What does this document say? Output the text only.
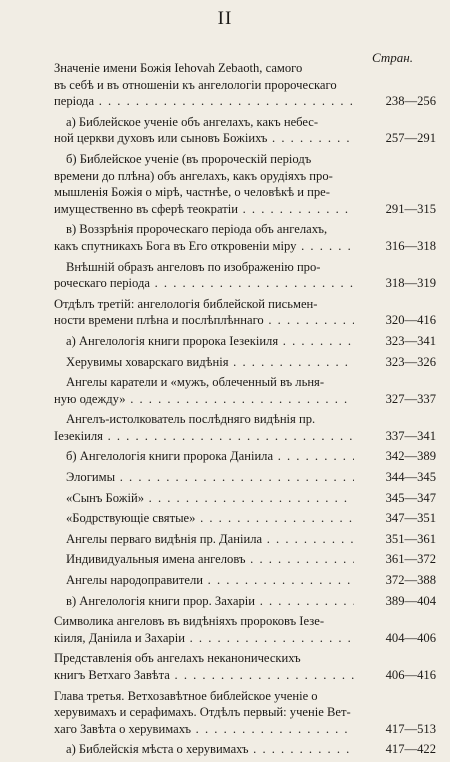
II
Стран.
Значеніе имени Божія Iehovah Zebaoth, самого
въ себѣ и въ отношеніи къ ангелологіи пророческаго
періода . . .	238—256
а) Библейское ученіе объ ангелахъ, какъ небес-
ной церкви духовъ или сыновъ Божіихъ . . .	257—291
б) Библейское ученіе (въ пророческій періодъ
времени до плѣна) объ ангелахъ, какъ орудіяхъ про-
мышленія Божія о мірѣ, частнѣе, о человѣкѣ и пре-
имущественно въ сферѣ теократіи . . .	291—315
в) Воззрѣнія пророческаго періода объ ангелахъ,
какъ спутникахъ Бога въ Его откровеніи міру . . .	316—318
Внѣшній образъ ангеловъ по изображенію про-
роческаго періода . . .	318—319
Отдѣлъ третій: ангелологія библейской письмен-
ности времени плѣна и послѣплѣннаго . . .	320—416
а) Ангелологія книги пророка Іезекіиля . . .	323—341
Херувимы ховарскаго видѣнія . . .	323—326
Ангелы каратели и «мужъ, облеченный въ льня-
ную одежду» . . .	327—337
Ангелъ-истолкователь послѣдняго видѣнія пр.
Іезекіиля . . .	337—341
б) Ангелологія книги пророка Даніила . . .	342—389
Элогимы . . .	344—345
«Сынъ Божій» . . .	345—347
«Бодрствующіе святые» . . .	347—351
Ангелы перваго видѣнія пр. Даніила . . .	351—361
Индивидуальныя имена ангеловъ . . .	361—372
Ангелы народоправители . . .	372—388
в) Ангелологія книги прор. Захаріи . . .	389—404
Символика ангеловъ въ видѣніяхъ пророковъ Іезе-
кіиля, Даніила и Захаріи . . .	404—406
Представленія объ ангелахъ неканоническихъ
книгъ Ветхаго Завѣта . . .	406—416
Глава третья. Ветхозавѣтное библейское ученіе о
херувимахъ и серафимахъ. Отдѣлъ первый: ученіе Вет-
хаго Завѣта о херувимахъ . . .	417—513
а) Библейскія мѣста о херувимахъ . . .	417—422
